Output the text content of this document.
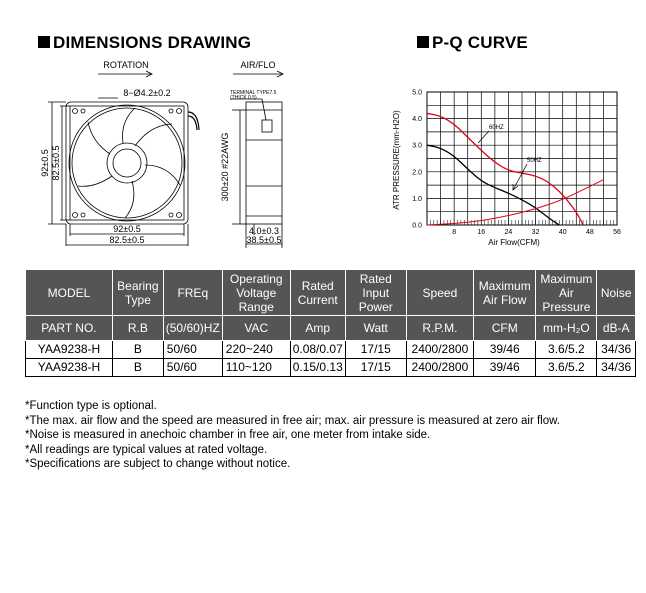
DIMENSIONS DRAWING	P-Q CURVE
ROTATION	AIR/FLO
8−Ø4.2±0.2	TERMINAL TYPE7.5
(THICK 0.5)
92±0.5
82.5±0.5
92±0.5 82.5±0.5	300±20 #22AWG
4.0±0.3
38.5±0.5
0.0
1.0
2.0
3.0
4.0
5.0
8	16	24	32	40	48	56
ATR PRESSURE(mm-H2O)
Air Flow(CFM)
60HZ
50HZ
MODEL	Bearing Type	FREq	Operating Voltage Range	Rated Current	Rated Input Power	Speed	Maximum Air Flow	Maximum Air Pressure	Noise
PART NO.	R.B	(50/60)HZ	VAC	Amp	Watt	R.P.M.	CFM	mm-H₂O	dB-A
YAA9238-H	B	50/60	220~240	0.08/0.07	17/15	2400/2800	39/46	3.6/5.2	34/36
YAA9238-H	B	50/60	110~120	0.15/0.13	17/15	2400/2800	39/46	3.6/5.2	34/36
*Function type is optional.
*The max. air flow and the speed are measured in free air; max. air pressure is measured at zero air flow.
*Noise is measured in anechoic chamber in free air, one meter from intake side.
*All readings are typical values at rated voltage.
*Specifications are subject to change without notice.
